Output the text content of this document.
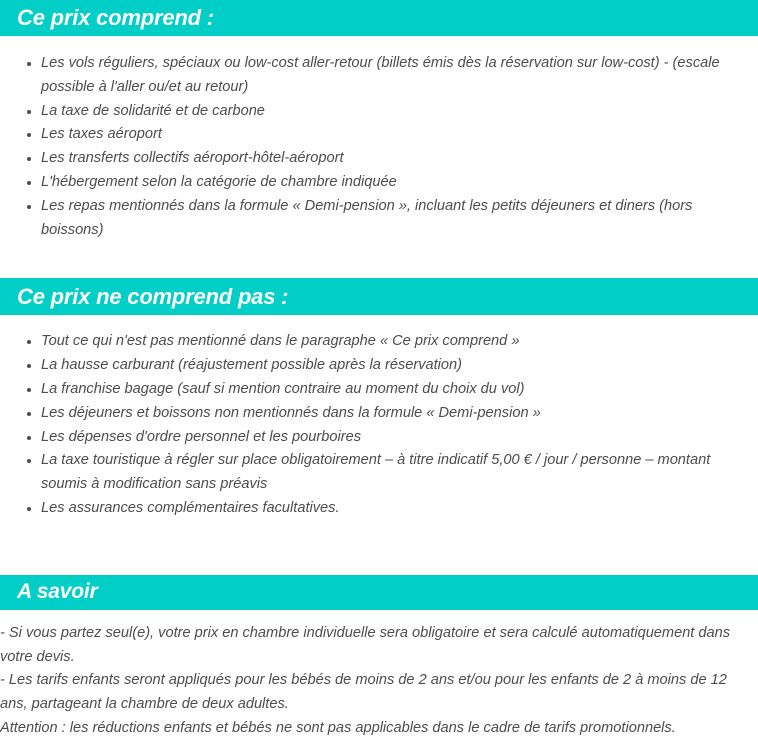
Ce prix comprend :
Les vols réguliers, spéciaux ou low-cost aller-retour (billets émis dès la réservation sur low-cost) - (escale possible à l'aller ou/et au retour)
La taxe de solidarité et de carbone
Les taxes aéroport
Les transferts collectifs aéroport-hôtel-aéroport
L'hébergement selon la catégorie de chambre indiquée
Les repas mentionnés dans la formule « Demi-pension », incluant les petits déjeuners et diners (hors boissons)
Ce prix ne comprend pas :
Tout ce qui n'est pas mentionné dans le paragraphe « Ce prix comprend »
La hausse carburant (réajustement possible après la réservation)
La franchise bagage (sauf si mention contraire au moment du choix du vol)
Les déjeuners et boissons non mentionnés dans la formule « Demi-pension »
Les dépenses d'ordre personnel et les pourboires
La taxe touristique à régler sur place obligatoirement – à titre indicatif 5,00 € / jour / personne – montant soumis à modification sans préavis
Les assurances complémentaires facultatives.
A savoir

- Si vous partez seul(e), votre prix en chambre individuelle sera obligatoire et sera calculé automatiquement dans votre devis.

- Les tarifs enfants seront appliqués pour les bébés de moins de 2 ans et/ou pour les enfants de 2 à moins de 12 ans, partageant la chambre de deux adultes.

Attention : les réductions enfants et bébés ne sont pas applicables dans le cadre de tarifs promotionnels.
